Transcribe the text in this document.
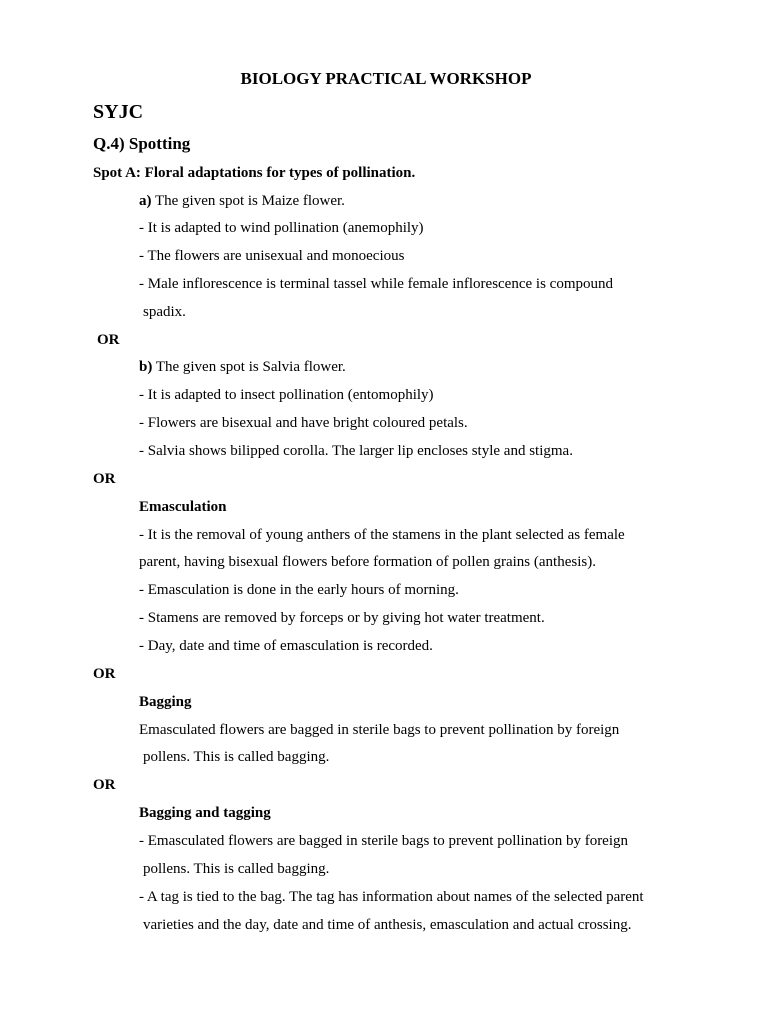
BIOLOGY PRACTICAL WORKSHOP
SYJC
Q.4) Spotting
Spot A: Floral adaptations for types of pollination.
a) The given spot is Maize flower.
- It is adapted to wind pollination (anemophily)
- The flowers are unisexual and monoecious
- Male inflorescence is terminal tassel while female inflorescence is compound
spadix.
OR
b) The given spot is Salvia flower.
- It is adapted to insect pollination (entomophily)
- Flowers are bisexual and have bright coloured petals.
- Salvia shows bilipped corolla. The larger lip encloses style and stigma.
OR
Emasculation
- It is the removal of young anthers of the stamens in the plant selected as female
parent, having bisexual flowers before formation of pollen grains (anthesis).
- Emasculation is done in the early hours of morning.
- Stamens are removed by forceps or by giving hot water treatment.
- Day, date and time of emasculation is recorded.
OR
Bagging
Emasculated flowers are bagged in sterile bags to prevent pollination by foreign
pollens. This is called bagging.
OR
Bagging and tagging
- Emasculated flowers are bagged in sterile bags to prevent pollination by foreign
pollens. This is called bagging.
- A tag is tied to the bag. The tag has information about names of the selected parent
varieties and the day, date and time of anthesis, emasculation and actual crossing.
